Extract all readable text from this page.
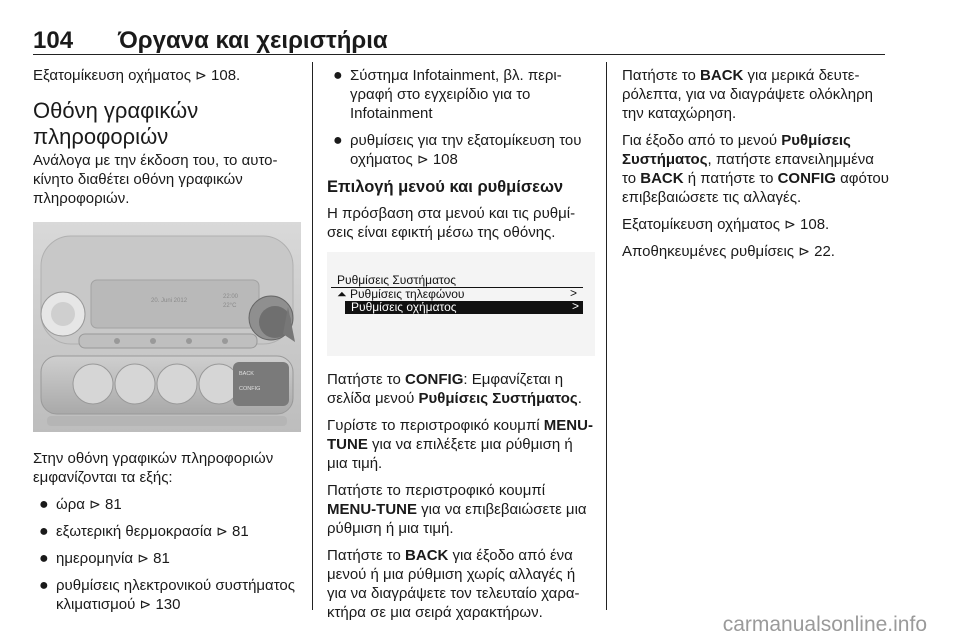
104 Όργανα και χειριστήρια

Εξατομίκευση οχήματος ⊳ 108.

Οθόνη γραφικών πληροφοριών

Ανάλογα με την έκδοση του, το αυτοκίνητο διαθέτει οθόνη γραφικών πληροφοριών.

20. Juni 2012
22:00
22°C
BACK
CONFIG

Στην οθόνη γραφικών πληροφοριών εμφανίζονται τα εξής:

● ώρα ⊳ 81
● εξωτερική θερμοκρασία ⊳ 81
● ημερομηνία ⊳ 81
● ρυθμίσεις ηλεκτρονικού συστήματος κλιματισμού ⊳ 130
● Σύστημα Infotainment, βλ. περιγραφή στο εγχειρίδιο για το Infotainment
● ρυθμίσεις για την εξατομίκευση του οχήματος ⊳ 108
Επιλογή μενού και ρυθμίσεων

Η πρόσβαση στα μενού και τις ρυθμίσεις είναι εφικτή μέσω της οθόνης.

Ρυθμίσεις Συστήματος
⏶ Ρυθμίσεις τηλεφώνου	>
Ρυθμίσεις οχήματος	>

Πατήστε το CONFIG: Εμφανίζεται η σελίδα μενού Ρυθμίσεις Συστήματος.

Γυρίστε το περιστροφικό κουμπί MENU-TUNE για να επιλέξετε μια ρύθμιση ή μια τιμή.

Πατήστε το περιστροφικό κουμπί MENU-TUNE για να επιβεβαιώσετε μια ρύθμιση ή μια τιμή.

Πατήστε το BACK για έξοδο από ένα μενού ή μια ρύθμιση χωρίς αλλαγές ή για να διαγράψετε τον τελευταίο χαρακτήρα σε μια σειρά χαρακτήρων.

Πατήστε το BACK για μερικά δευτερόλεπτα, για να διαγράψετε ολόκληρη την καταχώρηση.

Για έξοδο από το μενού Ρυθμίσεις Συστήματος, πατήστε επανειλημμένα το BACK ή πατήστε το CONFIG αφότου επιβεβαιώσετε τις αλλαγές.

Εξατομίκευση οχήματος ⊳ 108.

Αποθηκευμένες ρυθμίσεις ⊳ 22.

carmanualsonline.info
